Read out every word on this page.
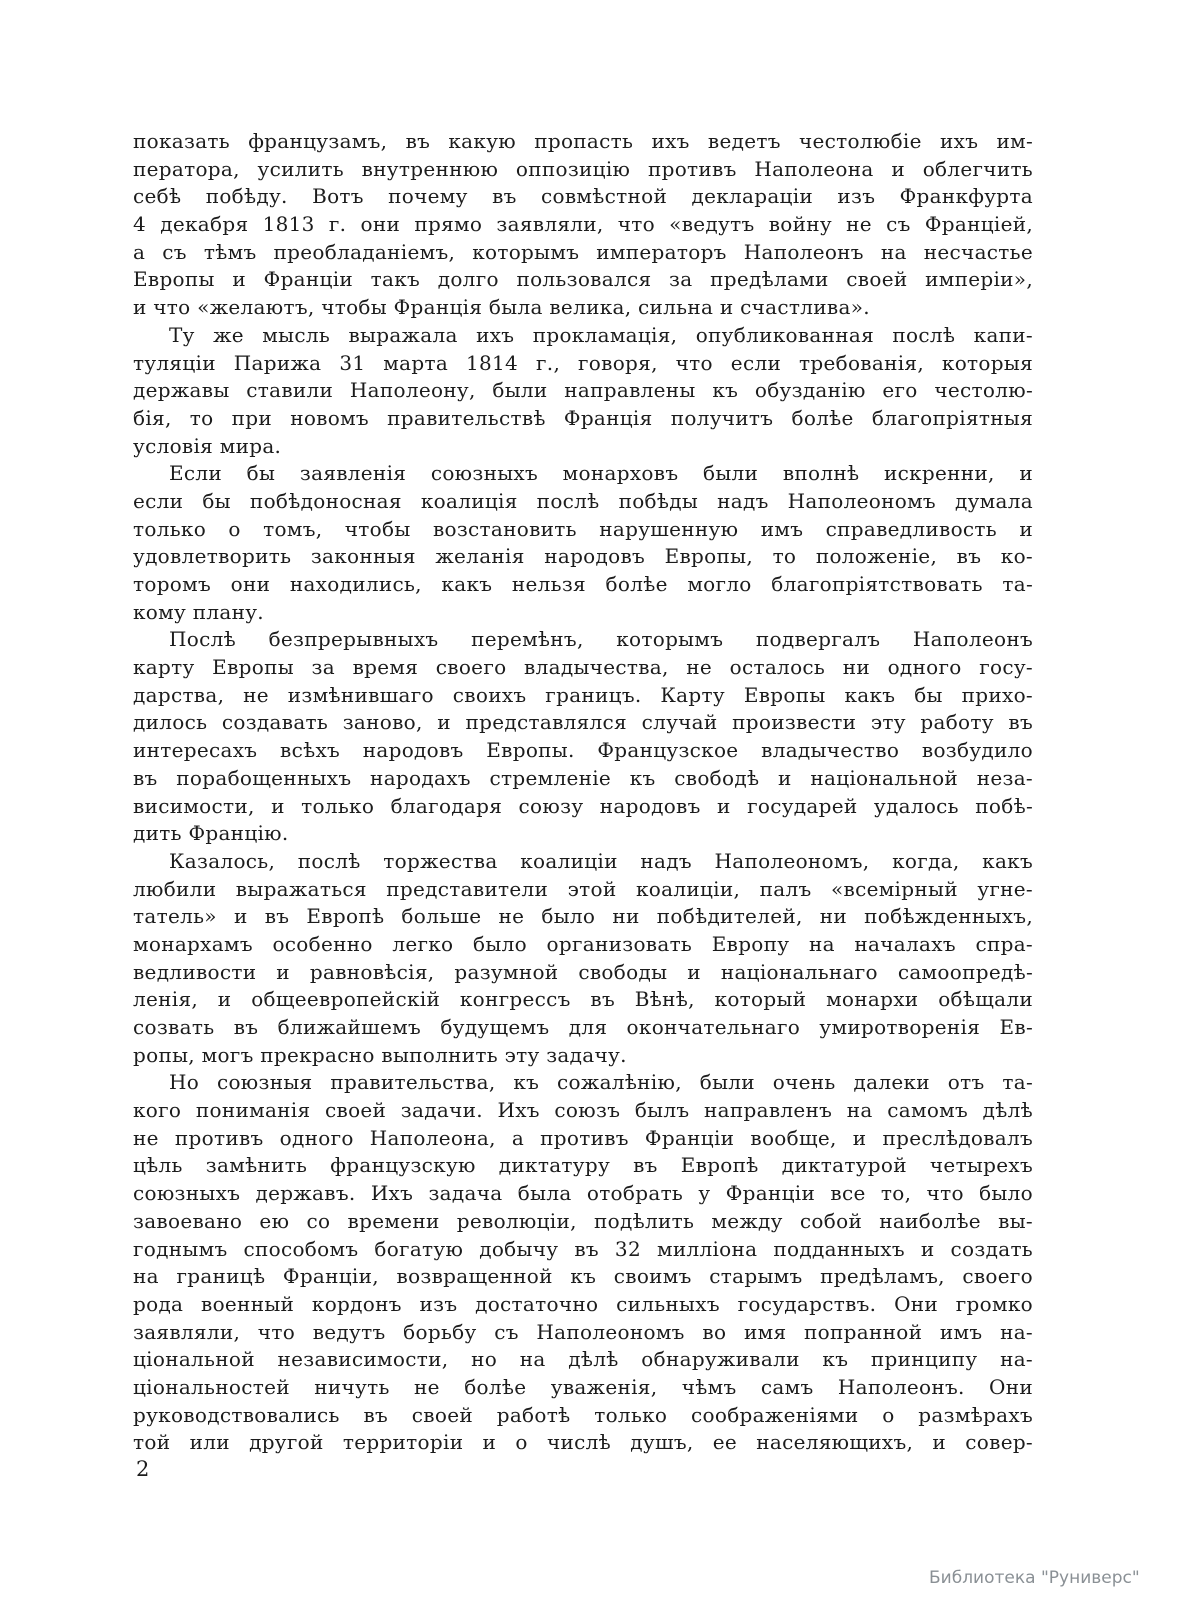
показать французамъ, въ какую пропасть ихъ ведетъ честолюбіе ихъ им-
ператора, усилить внутреннюю оппозицію противъ Наполеона и облегчить
себѣ побѣду. Вотъ почему въ совмѣстной деклараціи изъ Франкфурта
4 декабря 1813 г. они прямо заявляли, что «ведутъ войну не съ Франціей,
а съ тѣмъ преобладаніемъ, которымъ императоръ Наполеонъ на несчастье
Европы и Франціи такъ долго пользовался за предѣлами своей имперіи»,
и что «желаютъ, чтобы Франція была велика, сильна и счастлива».
Ту же мысль выражала ихъ прокламація, опубликованная послѣ капи-
туляціи Парижа 31 марта 1814 г., говоря, что если требованія, которыя
державы ставили Наполеону, были направлены къ обузданію его честолю-
бія, то при новомъ правительствѣ Франція получитъ болѣе благопріятныя
условія мира.
Если бы заявленія союзныхъ монарховъ были вполнѣ искренни, и
если бы побѣдоносная коалиція послѣ побѣды надъ Наполеономъ думала
только о томъ, чтобы возстановить нарушенную имъ справедливость и
удовлетворить законныя желанія народовъ Европы, то положеніе, въ ко-
торомъ они находились, какъ нельзя болѣе могло благопріятствовать та-
кому плану.
Послѣ безпрерывныхъ перемѣнъ, которымъ подвергалъ Наполеонъ
карту Европы за время своего владычества, не осталось ни одного госу-
дарства, не измѣнившаго своихъ границъ. Карту Европы какъ бы прихо-
дилось создавать заново, и представлялся случай произвести эту работу въ
интересахъ всѣхъ народовъ Европы. Французское владычество возбудило
въ порабощенныхъ народахъ стремленіе къ свободѣ и національной неза-
висимости, и только благодаря союзу народовъ и государей удалось побѣ-
дить Францію.
Казалось, послѣ торжества коалиціи надъ Наполеономъ, когда, какъ
любили выражаться представители этой коалиціи, палъ «всемірный угне-
татель» и въ Европѣ больше не было ни побѣдителей, ни побѣжденныхъ,
монархамъ особенно легко было организовать Европу на началахъ спра-
ведливости и равновѣсія, разумной свободы и національнаго самоопредѣ-
ленія, и общеевропейскій конгрессъ въ Вѣнѣ, который монархи обѣщали
созвать въ ближайшемъ будущемъ для окончательнаго умиротворенія Ев-
ропы, могъ прекрасно выполнить эту задачу.
Но союзныя правительства, къ сожалѣнію, были очень далеки отъ та-
кого пониманія своей задачи. Ихъ союзъ былъ направленъ на самомъ дѣлѣ
не противъ одного Наполеона, а противъ Франціи вообще, и преслѣдовалъ
цѣль замѣнить французскую диктатуру въ Европѣ диктатурой четырехъ
союзныхъ державъ. Ихъ задача была отобрать у Франціи все то, что было
завоевано ею со времени революціи, подѣлить между собой наиболѣе вы-
годнымъ способомъ богатую добычу въ 32 милліона подданныхъ и создать
на границѣ Франціи, возвращенной къ своимъ старымъ предѣламъ, своего
рода военный кордонъ изъ достаточно сильныхъ государствъ. Они громко
заявляли, что ведутъ борьбу съ Наполеономъ во имя попранной имъ на-
ціональной независимости, но на дѣлѣ обнаруживали къ принципу на-
ціональностей ничуть не болѣе уваженія, чѣмъ самъ Наполеонъ. Они
руководствовались въ своей работѣ только соображеніями о размѣрахъ
той или другой территоріи и о числѣ душъ, ее населяющихъ, и совер-
2
Библиотека "Руниверс"
